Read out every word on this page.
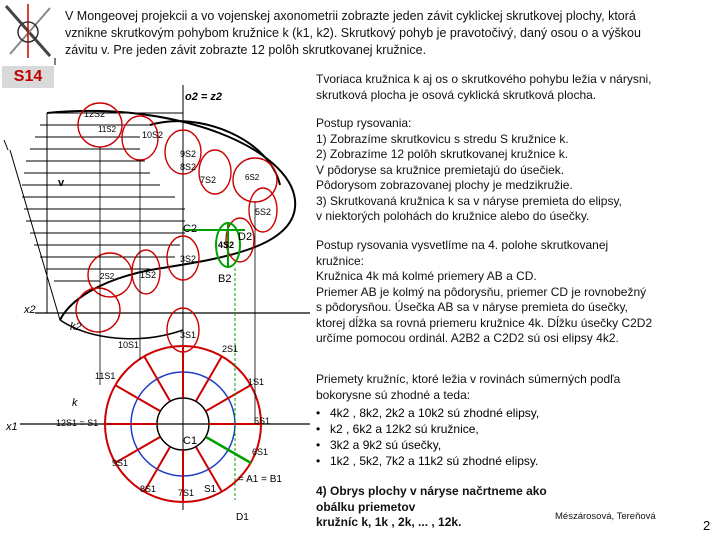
S14
V Mongeovej projekcii a vo vojenskej axonometrii zobrazte jeden závit cyklickej skrutkovej plochy, ktorá
vznikne skrutkovým pohybom kružnice k (k1, k2). Skrutkový pohyb je pravotočivý, daný osou o a výškou
závitu v. Pre jeden závit zobrazte 12 polôh skrutkovanej kružnice.
o2 = z2
v
x2
x1
k2
k
C2
D2
B2
C1
D1
S1
= A1 = B1
12S2
11S2
10S2
9S2
8S2
7S2	6S2
5S2
4S2
3S2
2S2	1S2
12S1 = S1
11S1
10S1
9S1
8S1 7S1
6S1
5S1
3S1
2S1
1S1
Tvoriaca kružnica k aj os o skrutkového pohybu ležia v nárysni,
skrutková plocha je osová cyklická skrutková plocha.
Postup rysovania:
1) Zobrazíme skrutkovicu s stredu S kružnice k.
2) Zobrazíme 12 polôh skrutkovanej kružnice k.
V pôdoryse sa kružnice premietajú do úsečiek.
Pôdorysom zobrazovanej plochy je medzikružie.
3) Skrutkovaná kružnica k sa v náryse premieta do elipsy,
v niektorých polohách do kružnice alebo do úsečky.
Postup rysovania vysvetlíme na 4. polohe skrutkovanej
kružnice:
Kružnica 4k má kolmé priemery AB a CD.
Priemer AB je kolmý na pôdorysňu, priemer CD je rovnobežný
s pôdorysňou. Úsečka AB sa v náryse premieta do úsečky,
ktorej dĺžka sa rovná priemeru kružnice 4k. Dĺžku úsečky C2D2
určíme pomocou ordinál. A2B2 a C2D2 sú osi elipsy 4k2.
Priemety kružníc, ktoré ležia v rovinách súmerných podľa
bokorysne sú zhodné a teda:
• 4k2 , 8k2, 2k2 a 10k2 sú zhodné elipsy,
• k2 , 6k2 a 12k2 sú kružnice,
• 3k2 a 9k2 sú úsečky,
• 1k2 , 5k2, 7k2 a 11k2 sú zhodné elipsy.
4) Obrys plochy v náryse načrtneme ako obálku priemetov
kružníc k, 1k , 2k, ... , 12k.	Mészárosová, Tereňová
2
